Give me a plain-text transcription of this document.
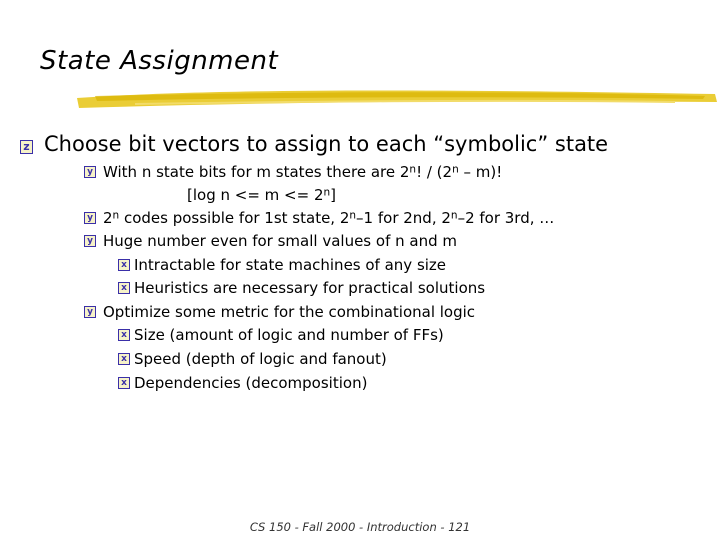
State Assignment
z Choose bit vectors to assign to each “symbolic” state
y With n state bits for m states there are 2$^n$! / (2$^n$ – m)!
[log $n <= m <= 2^n$]
y 2$^n$ codes possible for 1st state, 2$^n$–1 for 2nd, 2$^n$–2 for 3rd, …
y Huge number even for small values of n and m
x Intractable for state machines of any size
x Heuristics are necessary for practical solutions
y Optimize some metric for the combinational logic
x Size (amount of logic and number of FFs)
x Speed (depth of logic and fanout)
x Dependencies (decomposition)
CS 150 - Fall 2000 - Introduction - 121
